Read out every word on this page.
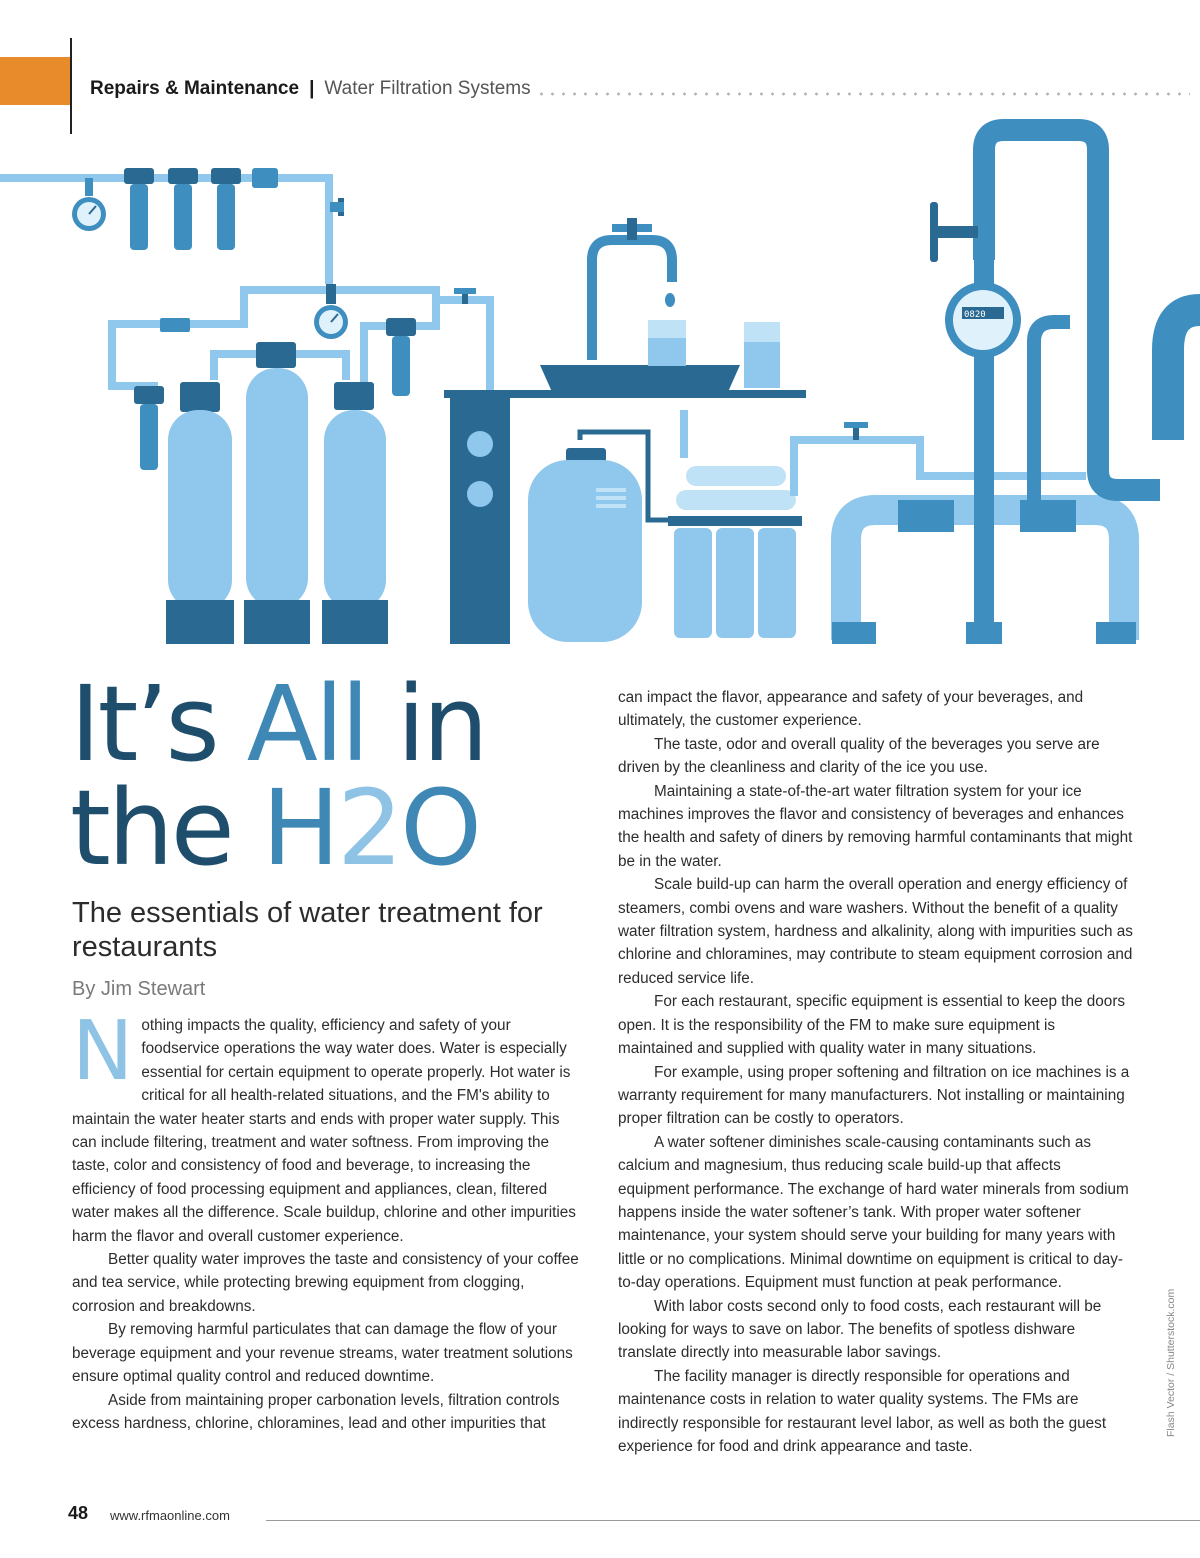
Repairs & Maintenance | Water Filtration Systems
0820
It’s All in
the H2O
The essentials of water treatment for restaurants
By Jim Stewart

Nothing impacts the quality, efficiency and safety of your foodservice operations the way water does. Water is especially essential for certain equipment to operate properly. Hot water is critical for all health-related situations, and the FM's ability to maintain the water heater starts and ends with proper water supply. This can include filtering, treatment and water softness. From improving the taste, color and consistency of food and beverage, to increasing the efficiency of food processing equipment and appliances, clean, filtered water makes all the difference. Scale buildup, chlorine and other impurities harm the flavor and overall customer experience.

Better quality water improves the taste and consistency of your coffee and tea service, while protecting brewing equipment from clogging, corrosion and breakdowns.

By removing harmful particulates that can damage the flow of your beverage equipment and your revenue streams, water treatment solutions ensure optimal quality control and reduced downtime.

Aside from maintaining proper carbonation levels, filtration controls excess hardness, chlorine, chloramines, lead and other impurities that

can impact the flavor, appearance and safety of your beverages, and ultimately, the customer experience.

The taste, odor and overall quality of the beverages you serve are driven by the cleanliness and clarity of the ice you use.

Maintaining a state-of-the-art water filtration system for your ice machines improves the flavor and consistency of beverages and enhances the health and safety of diners by removing harmful contaminants that might be in the water.

Scale build-up can harm the overall operation and energy efficiency of steamers, combi ovens and ware washers. Without the benefit of a quality water filtration system, hardness and alkalinity, along with impurities such as chlorine and chloramines, may contribute to steam equipment corrosion and reduced service life.

For each restaurant, specific equipment is essential to keep the doors open. It is the responsibility of the FM to make sure equipment is maintained and supplied with quality water in many situations.

For example, using proper softening and filtration on ice machines is a warranty requirement for many manufacturers. Not installing or maintaining proper filtration can be costly to operators.

A water softener diminishes scale-causing contaminants such as calcium and magnesium, thus reducing scale build-up that affects equipment performance. The exchange of hard water minerals from sodium happens inside the water softener’s tank. With proper water softener maintenance, your system should serve your building for many years with little or no complications. Minimal downtime on equipment is critical to day-to-day operations. Equipment must function at peak performance.

With labor costs second only to food costs, each restaurant will be looking for ways to save on labor. The benefits of spotless dishware translate directly into measurable labor savings.

The facility manager is directly responsible for operations and maintenance costs in relation to water quality systems. The FMs are indirectly responsible for restaurant level labor, as well as both the guest experience for food and drink appearance and taste.

Flash Vector / Shutterstock.com
48 www.rfmaonline.com
